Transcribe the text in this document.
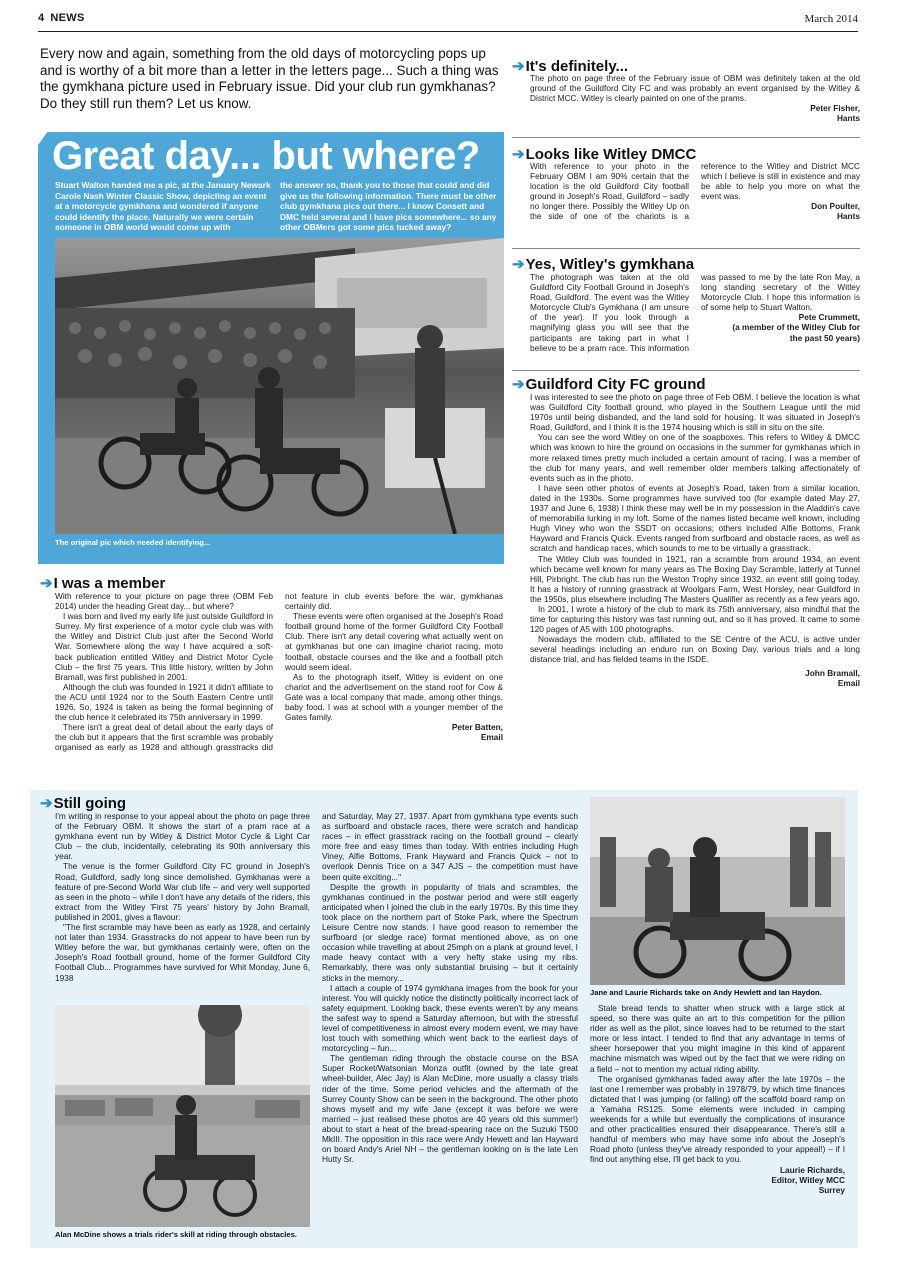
4 NEWS	March 2014
Every now and again, something from the old days of motorcycling pops up and is worthy of a bit more than a letter in the letters page... Such a thing was the gymkhana picture used in February issue. Did your club run gymkhanas? Do they still run them? Let us know.
Great day... but where?
Stuart Walton handed me a pic, at the January Newark Carole Nash Winter Classic Show, depicting an event at a motorcycle gymkhana and wondered if anyone could identify the place. Naturally we were certain someone in OBM world would come up with
the answer so, thank you to those that could and did give us the following information. There must be other club gymkhana pics out there... I know Consett and DMC held several and I have pics somewhere... so any other OBMers got some pics tucked away?
The original pic which needed identifying...
➔It's definitely...

The photo on page three of the February issue of OBM was definitely taken at the old ground of the Guildford City FC and was probably an event organised by the Witley & District MCC. Witley is clearly painted on one of the prams.

Peter Fisher,
Hants
➔Looks like Witley DMCC

With reference to your photo in the February OBM I am 90% certain that the location is the old Guildford City football ground in Joseph's Road, Guildford – sadly no longer there. Possibly the Witley Up on the side of one of the chariots is a reference to the Witley and District MCC which I believe is still in existence and may be able to help you more on what the event was.

Don Poulter,
Hants
➔Yes, Witley's gymkhana

The photograph was taken at the old Guildford City Football Ground in Joseph's Road, Guildford. The event was the Witley Motorcycle Club's Gymkhana (I am unsure of the year). If you look through a magnifying glass you will see that the participants are taking part in what I believe to be a pram race. This information was passed to me by the late Ron May, a long standing secretary of the Witley Motorcycle Club. I hope this information is of some help to Stuart Walton.

Pete Crummett,
(a member of the Witley Club for
the past 50 years)
➔Guildford City FC ground

I was interested to see the photo on page three of Feb OBM. I believe the location is what was Guildford City football ground, who played in the Southern League until the mid 1970s until being disbanded, and the land sold for housing. It was situated in Joseph's Road, Guildford, and I think it is the 1974 housing which is still in situ on the site.

You can see the word Witley on one of the soapboxes. This refers to Witley & DMCC which was known to hire the ground on occasions in the summer for gymkhanas which in more relaxed times pretty much included a certain amount of racing. I was a member of the club for many years, and well remember older members talking affectionately of events such as in the photo.

I have seen other photos of events at Joseph's Road, taken from a similar location, dated in the 1930s. Some programmes have survived too (for example dated May 27, 1937 and June 6, 1938) I think these may well be in my possession in the Aladdin's cave of memorabilia lurking in my loft. Some of the names listed became well known, including Hugh Viney who won the SSDT on occasions; others included Alfie Bottoms, Frank Hayward and Francis Quick. Events ranged from surfboard and obstacle races, as well as scratch and handicap races, which sounds to me to be virtually a grasstrack.

The Witley Club was founded in 1921, ran a scramble from around 1934, an event which became well known for many years as The Boxing Day Scramble, latterly at Tunnel Hill, Pirbright. The club has run the Weston Trophy since 1932, an event still going today. It has a history of running grasstrack at Woolgars Farm, West Horsley, near Guildford in the 1950s, plus elsewhere including The Masters Qualifier as recently as a few years ago.

In 2001, I wrote a history of the club to mark its 75th anniversary, also mindful that the time for capturing this history was fast running out, and so it has proved. It came to some 120 pages of A5 with 100 photographs.

Nowadays the modern club, affiliated to the SE Centre of the ACU, is active under several headings including an enduro run on Boxing Day, various trials and a long distance trial, and has fielded teams in the ISDE.

John Bramall,
Email
➔I was a member

With reference to your picture on page three (OBM Feb 2014) under the heading Great day... but where?

I was born and lived my early life just outside Guildford in Surrey. My first experience of a motor cycle club was with the Witley and District Club just after the Second World War. Somewhere along the way I have acquired a soft-back publication entitled Witley and District Motor Cycle Club – the first 75 years. This little history, written by John Bramall, was first published in 2001.

Although the club was founded in 1921 it didn't affiliate to the ACU until 1924 nor to the South Eastern Centre until 1926. So, 1924 is taken as being the formal beginning of the club hence it celebrated its 75th anniversary in 1999.

There isn't a great deal of detail about the early days of the club but it appears that the first scramble was probably organised as early as 1928 and although grasstracks did not feature in club events before the war, gymkhanas certainly did.

These events were often organised at the Joseph's Road football ground home of the former Guildford City Football Club. There isn't any detail covering what actually went on at gymkhanas but one can imagine chariot racing, moto football, obstacle courses and the like and a football pitch would seem ideal.

As to the photograph itself, Witley is evident on one chariot and the advertisement on the stand roof for Cow & Gate was a local company that made, among other things, baby food. I was at school with a younger member of the Gates family.

Peter Batten,
Email
➔Still going

I'm writing in response to your appeal about the photo on page three of the February OBM. It shows the start of a pram race at a gymkhana event run by Witley & District Motor Cycle & Light Car Club – the club, incidentally, celebrating its 90th anniversary this year.

The venue is the former Guildford City FC ground in Joseph's Road, Guildford, sadly long since demolished. Gymkhanas were a feature of pre-Second World War club life – and very well supported as seen in the photo – while I don't have any details of the riders, this extract from the Witley 'First 75 years' history by John Bramall, published in 2001, gives a flavour:

"The first scramble may have been as early as 1928, and certainly not later than 1934. Grasstracks do not appear to have been run by Witley before the war, but gymkhanas certainly were, often on the Joseph's Road football ground, home of the former Guildford City Football Club... Programmes have survived for Whit Monday, June 6, 1938

Alan McDine shows a trials rider's skill at riding through obstacles.

and Saturday, May 27, 1937. Apart from gymkhana type events such as surfboard and obstacle races, there were scratch and handicap races – in effect grasstrack racing on the football ground – clearly more free and easy times than today. With entries including Hugh Viney, Alfie Bottoms, Frank Hayward and Francis Quick – not to overlook Dennis Trice on a 347 AJS – the competition must have been quite exciting..."

Despite the growth in popularity of trials and scrambles, the gymkhanas continued in the postwar period and were still eagerly anticipated when I joined the club in the early 1970s. By this time they took place on the northern part of Stoke Park, where the Spectrum Leisure Centre now stands. I have good reason to remember the surfboard (or sledge race) format mentioned above, as on one occasion while travelling at about 25mph on a plank at ground level, I made heavy contact with a very hefty stake using my ribs. Remarkably, there was only substantial bruising – but it certainly sticks in the memory...

I attach a couple of 1974 gymkhana images from the book for your interest. You will quickly notice the distinctly politically incorrect lack of safety equipment. Looking back, these events weren't by any means the safest way to spend a Saturday afternoon, but with the stressful level of competitiveness in almost every modern event, we may have lost touch with something which went back to the earliest days of motorcycling – fun...

The gentleman riding through the obstacle course on the BSA Super Rocket/Watsonian Monza outfit (owned by the late great wheel-builder, Alec Jay) is Alan McDine, more usually a classy trials rider of the time. Some period vehicles and the aftermath of the Surrey County Show can be seen in the background. The other photo shows myself and my wife Jane (except it was before we were married – just realised these photos are 40 years old this summer!) about to start a heat of the bread-spearing race on the Suzuki T500 MkIII. The opposition in this race were Andy Hewett and Ian Hayward on board Andy's Ariel NH – the gentleman looking on is the late Len Hutty Sr.

Jane and Laurie Richards take on Andy Hewlett and Ian Haydon.

Stale bread tends to shatter when struck with a large stick at speed, so there was quite an art to this competition for the pillion rider as well as the pilot, since loaves had to be returned to the start more or less intact. I tended to find that any advantage in terms of sheer horsepower that you might imagine in this kind of apparent machine mismatch was wiped out by the fact that we were riding on a field – not to mention my actual riding ability.

The organised gymkhanas faded away after the late 1970s – the last one I remember was probably in 1978/79, by which time finances dictated that I was jumping (or falling) off the scaffold board ramp on a Yamaha RS125. Some elements were included in camping weekends for a while but eventually the complications of insurance and other practicalities ensured their disappearance. There's still a handful of members who may have some info about the Joseph's Road photo (unless they've already responded to your appeal!) – if I find out anything else, I'll get back to you.

Laurie Richards,
Editor, Witley MCC
Surrey
